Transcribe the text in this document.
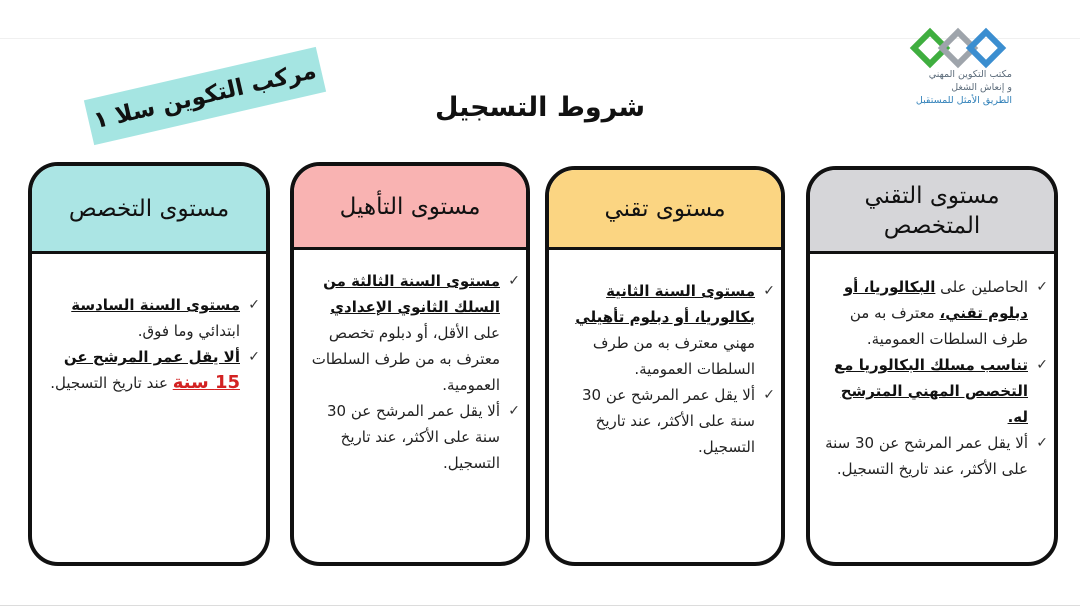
مكتب التكوين المهني
و إنعاش الشغل
الطريق الأمثل للمستقبل
مركب التكوين سلا ١	شروط التسجيل
مستوى التقني المتخصص
✓
الحاصلين على البكالوريا، أو دبلوم تقني، معترف به من طرف السلطات العمومية.
✓
تناسب مسلك البكالوريا مع التخصص المهني المترشح له.
✓
ألا يقل عمر المرشح عن 30 سنة على الأكثر، عند تاريخ التسجيل.
مستوى تقني
✓
مستوى السنة الثانية بكالوريا، أو دبلوم تأهيلي مهني معترف به من طرف السلطات العمومية.
✓
ألا يقل عمر المرشح عن 30 سنة على الأكثر، عند تاريخ التسجيل.
مستوى التأهيل
✓
مستوى السنة الثالثة من السلك الثانوي الإعدادي على الأقل، أو دبلوم تخصص معترف به من طرف السلطات العمومية.
✓
ألا يقل عمر المرشح عن 30 سنة على الأكثر، عند تاريخ التسجيل.
مستوى التخصص
✓
مستوى السنة السادسة ابتدائي وما فوق.
✓
ألا يقل عمر المرشح عن 15 سنة عند تاريخ التسجيل.
